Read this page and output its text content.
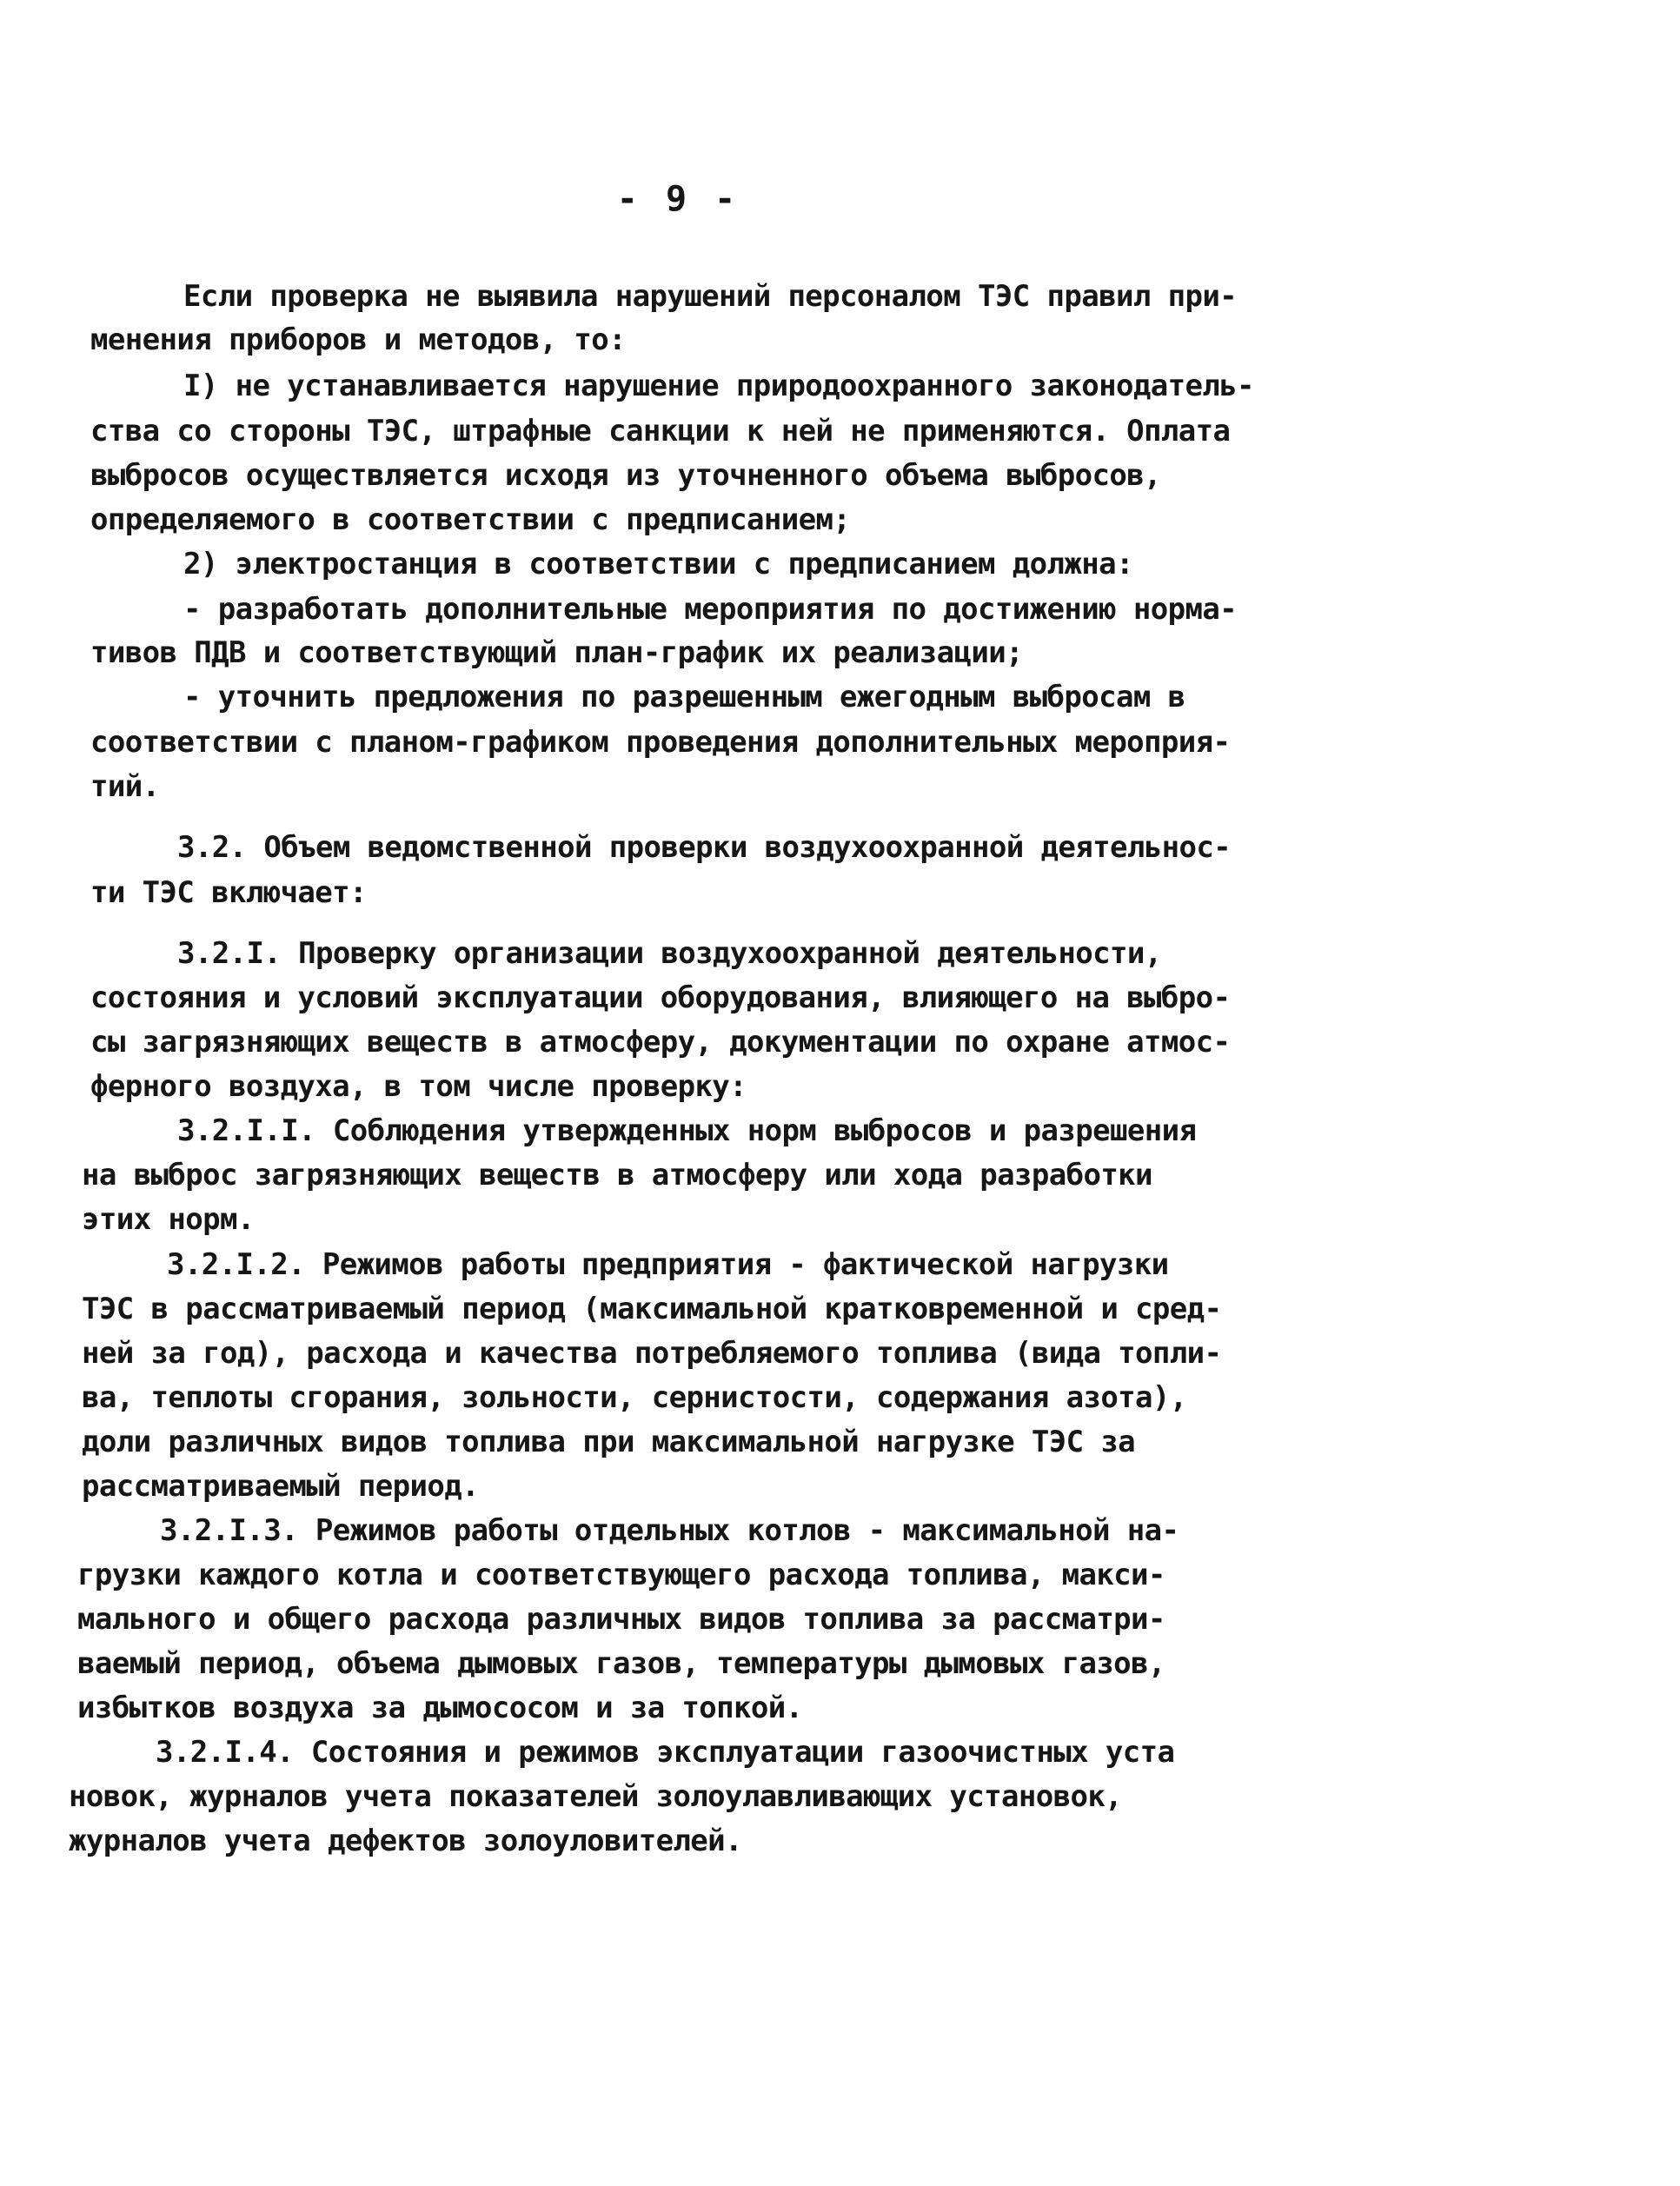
- 9 -
Если проверка не выявила нарушений персоналом ТЭС правил при-
менения приборов и методов, то:
I) не устанавливается нарушение природоохранного законодатель-
ства со стороны ТЭС, штрафные санкции к ней не применяются. Оплата
выбросов осуществляется исходя из уточненного объема выбросов,
определяемого в соответствии с предписанием;
2) электростанция в соответствии с предписанием должна:
- разработать дополнительные мероприятия по достижению норма-
тивов ПДВ и соответствующий план-график их реализации;
- уточнить предложения по разрешенным ежегодным выбросам в
соответствии с планом-графиком проведения дополнительных мероприя-
тий.
3.2. Объем ведомственной проверки воздухоохранной деятельнос-
ти ТЭС включает:
3.2.I. Проверку организации воздухоохранной деятельности,
состояния и условий эксплуатации оборудования, влияющего на выбро-
сы загрязняющих веществ в атмосферу, документации по охране атмос-
ферного воздуха, в том числе проверку:
3.2.I.I. Соблюдения утвержденных норм выбросов и разрешения
на выброс загрязняющих веществ в атмосферу или хода разработки
этих норм.
3.2.I.2. Режимов работы предприятия - фактической нагрузки
ТЭС в рассматриваемый период (максимальной кратковременной и сред-
ней за год), расхода и качества потребляемого топлива (вида топли-
ва, теплоты сгорания, зольности, сернистости, содержания азота),
доли различных видов топлива при максимальной нагрузке ТЭС за
рассматриваемый период.
3.2.I.3. Режимов работы отдельных котлов - максимальной на-
грузки каждого котла и соответствующего расхода топлива, макси-
мального и общего расхода различных видов топлива за рассматри-
ваемый период, объема дымовых газов, температуры дымовых газов,
избытков воздуха за дымососом и за топкой.
3.2.I.4. Состояния и режимов эксплуатации газоочистных уста
новок, журналов учета показателей золоулавливающих установок,
журналов учета дефектов золоуловителей.
